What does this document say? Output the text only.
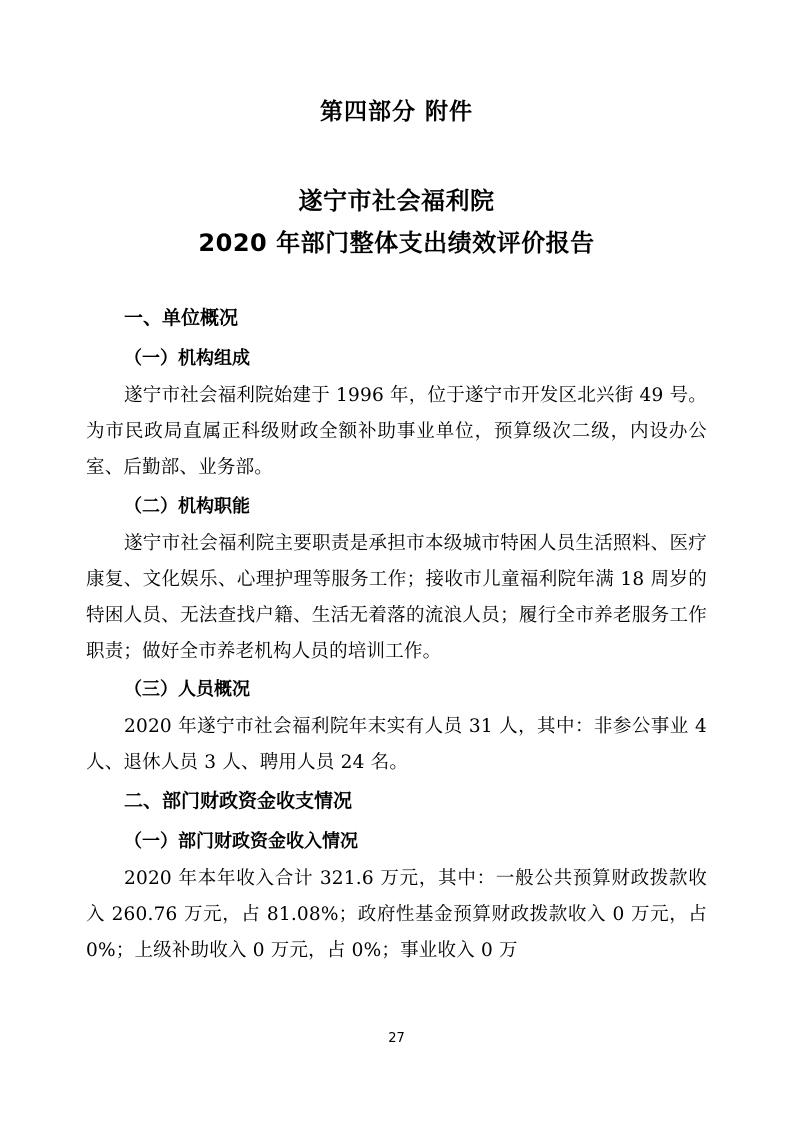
第四部分 附件
遂宁市社会福利院
2020 年部门整体支出绩效评价报告
一、单位概况
（一）机构组成

遂宁市社会福利院始建于 1996 年，位于遂宁市开发区北兴街 49 号。为市民政局直属正科级财政全额补助事业单位，预算级次二级，内设办公室、后勤部、业务部。

（二）机构职能

遂宁市社会福利院主要职责是承担市本级城市特困人员生活照料、医疗康复、文化娱乐、心理护理等服务工作；接收市儿童福利院年满 18 周岁的特困人员、无法查找户籍、生活无着落的流浪人员；履行全市养老服务工作职责；做好全市养老机构人员的培训工作。

（三）人员概况

2020 年遂宁市社会福利院年末实有人员 31 人，其中：非参公事业 4 人、退休人员 3 人、聘用人员 24 名。

二、部门财政资金收支情况
（一）部门财政资金收入情况

2020 年本年收入合计 321.6 万元，其中：一般公共预算财政拨款收入 260.76 万元，占 81.08%；政府性基金预算财政拨款收入 0 万元，占 0%；上级补助收入 0 万元，占 0%；事业收入 0 万

27
